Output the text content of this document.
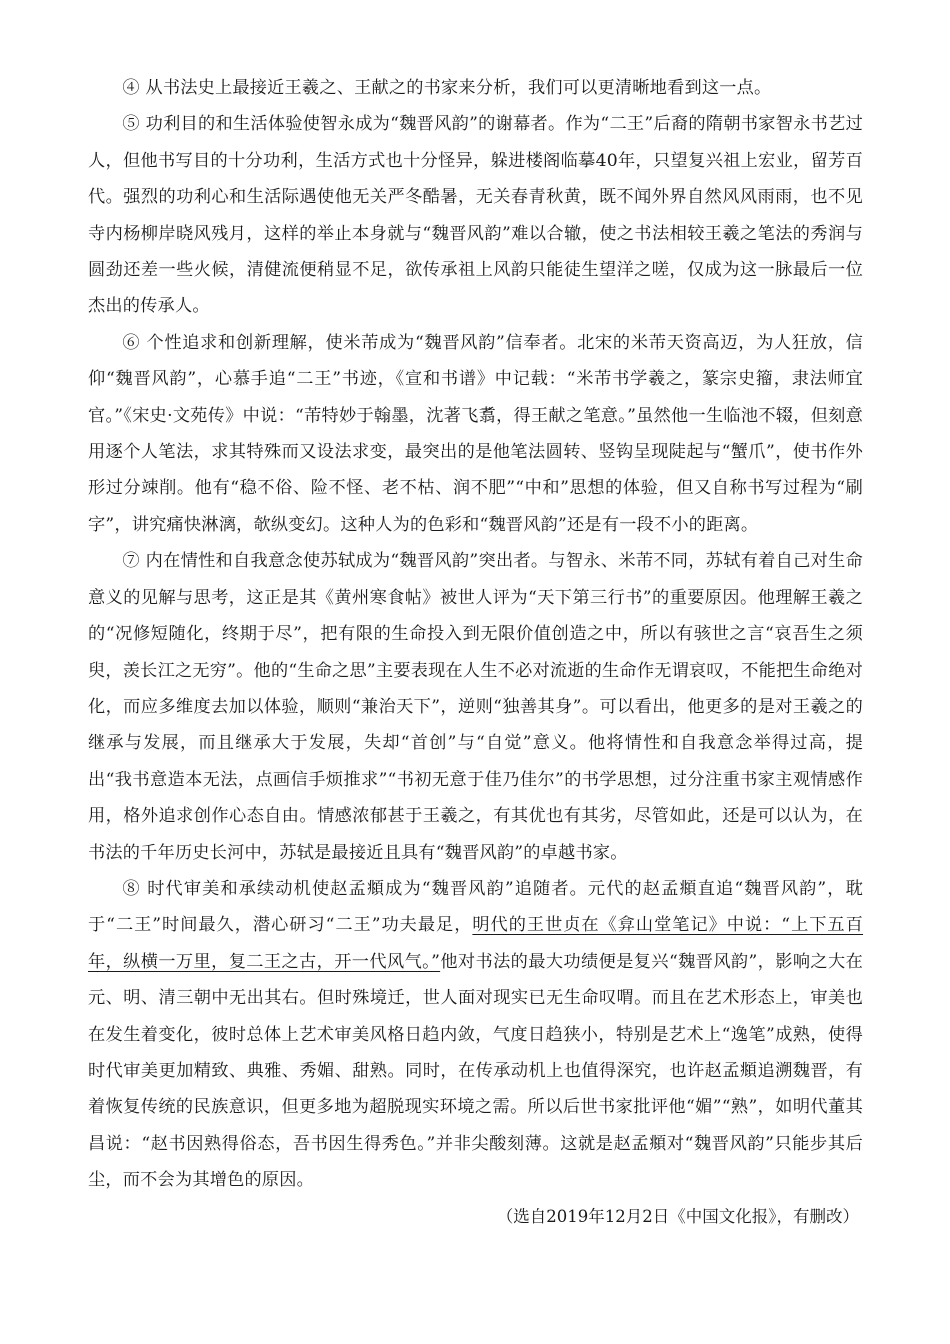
④ 从书法史上最接近王羲之、王献之的书家来分析，我们可以更清晰地看到这一点。

⑤ 功利目的和生活体验使智永成为“魏晋风韵”的谢幕者。作为“二王”后裔的隋朝书家智永书艺过人，但他书写目的十分功利，生活方式也十分怪异，躲进楼阁临摹40年，只望复兴祖上宏业，留芳百代。强烈的功利心和生活际遇使他无关严冬酷暑，无关春青秋黄，既不闻外界自然风风雨雨，也不见寺内杨柳岸晓风残月，这样的举止本身就与“魏晋风韵”难以合辙，使之书法相较王羲之笔法的秀润与圆劲还差一些火候，清健流便稍显不足，欲传承祖上风韵只能徒生望洋之嗟，仅成为这一脉最后一位杰出的传承人。

⑥ 个性追求和创新理解，使米芾成为“魏晋风韵”信奉者。北宋的米芾天资高迈，为人狂放，信仰“魏晋风韵”，心慕手追“二王”书迹，《宣和书谱》中记载：“米芾书学羲之，篆宗史籀，隶法师宜官。”《宋史·文苑传》中说：“芾特妙于翰墨，沈著飞翥，得王献之笔意。”虽然他一生临池不辍，但刻意用逐个人笔法，求其特殊而又设法求变，最突出的是他笔法圆转、竖钩呈现陡起与“蟹爪”，使书作外形过分竦削。他有“稳不俗、险不怪、老不枯、润不肥”“中和”思想的体验，但又自称书写过程为“刷字”，讲究痛快淋漓，欹纵变幻。这种人为的色彩和“魏晋风韵”还是有一段不小的距离。

⑦ 内在情性和自我意念使苏轼成为“魏晋风韵”突出者。与智永、米芾不同，苏轼有着自己对生命意义的见解与思考，这正是其《黄州寒食帖》被世人评为“天下第三行书”的重要原因。他理解王羲之的“况修短随化，终期于尽”，把有限的生命投入到无限价值创造之中，所以有骇世之言“哀吾生之须臾，羡长江之无穷”。他的“生命之思”主要表现在人生不必对流逝的生命作无谓哀叹，不能把生命绝对化，而应多维度去加以体验，顺则“兼治天下”，逆则“独善其身”。可以看出，他更多的是对王羲之的继承与发展，而且继承大于发展，失却“首创”与“自觉”意义。他将情性和自我意念举得过高，提出“我书意造本无法，点画信手烦推求”“书初无意于佳乃佳尔”的书学思想，过分注重书家主观情感作用，格外追求创作心态自由。情感浓郁甚于王羲之，有其优也有其劣，尽管如此，还是可以认为，在书法的千年历史长河中，苏轼是最接近且具有“魏晋风韵”的卓越书家。

⑧ 时代审美和承续动机使赵孟頫成为“魏晋风韵”追随者。元代的赵孟頫直追“魏晋风韵”，耽于“二王”时间最久，潜心研习“二王”功夫最足，明代的王世贞在《弇山堂笔记》中说：“上下五百年，纵横一万里，复二王之古，开一代风气。”他对书法的最大功绩便是复兴“魏晋风韵”，影响之大在元、明、清三朝中无出其右。但时殊境迁，世人面对现实已无生命叹喟。而且在艺术形态上，审美也在发生着变化，彼时总体上艺术审美风格日趋内敛，气度日趋狭小，特别是艺术上“逸笔”成熟，使得时代审美更加精致、典雅、秀媚、甜熟。同时，在传承动机上也值得深究，也许赵孟頫追溯魏晋，有着恢复传统的民族意识，但更多地为超脱现实环境之需。所以后世书家批评他“媚”“熟”，如明代董其昌说：“赵书因熟得俗态，吾书因生得秀色。”并非尖酸刻薄。这就是赵孟頫对“魏晋风韵”只能步其后尘，而不会为其增色的原因。

（选自2019年12月2日《中国文化报》，有删改）
